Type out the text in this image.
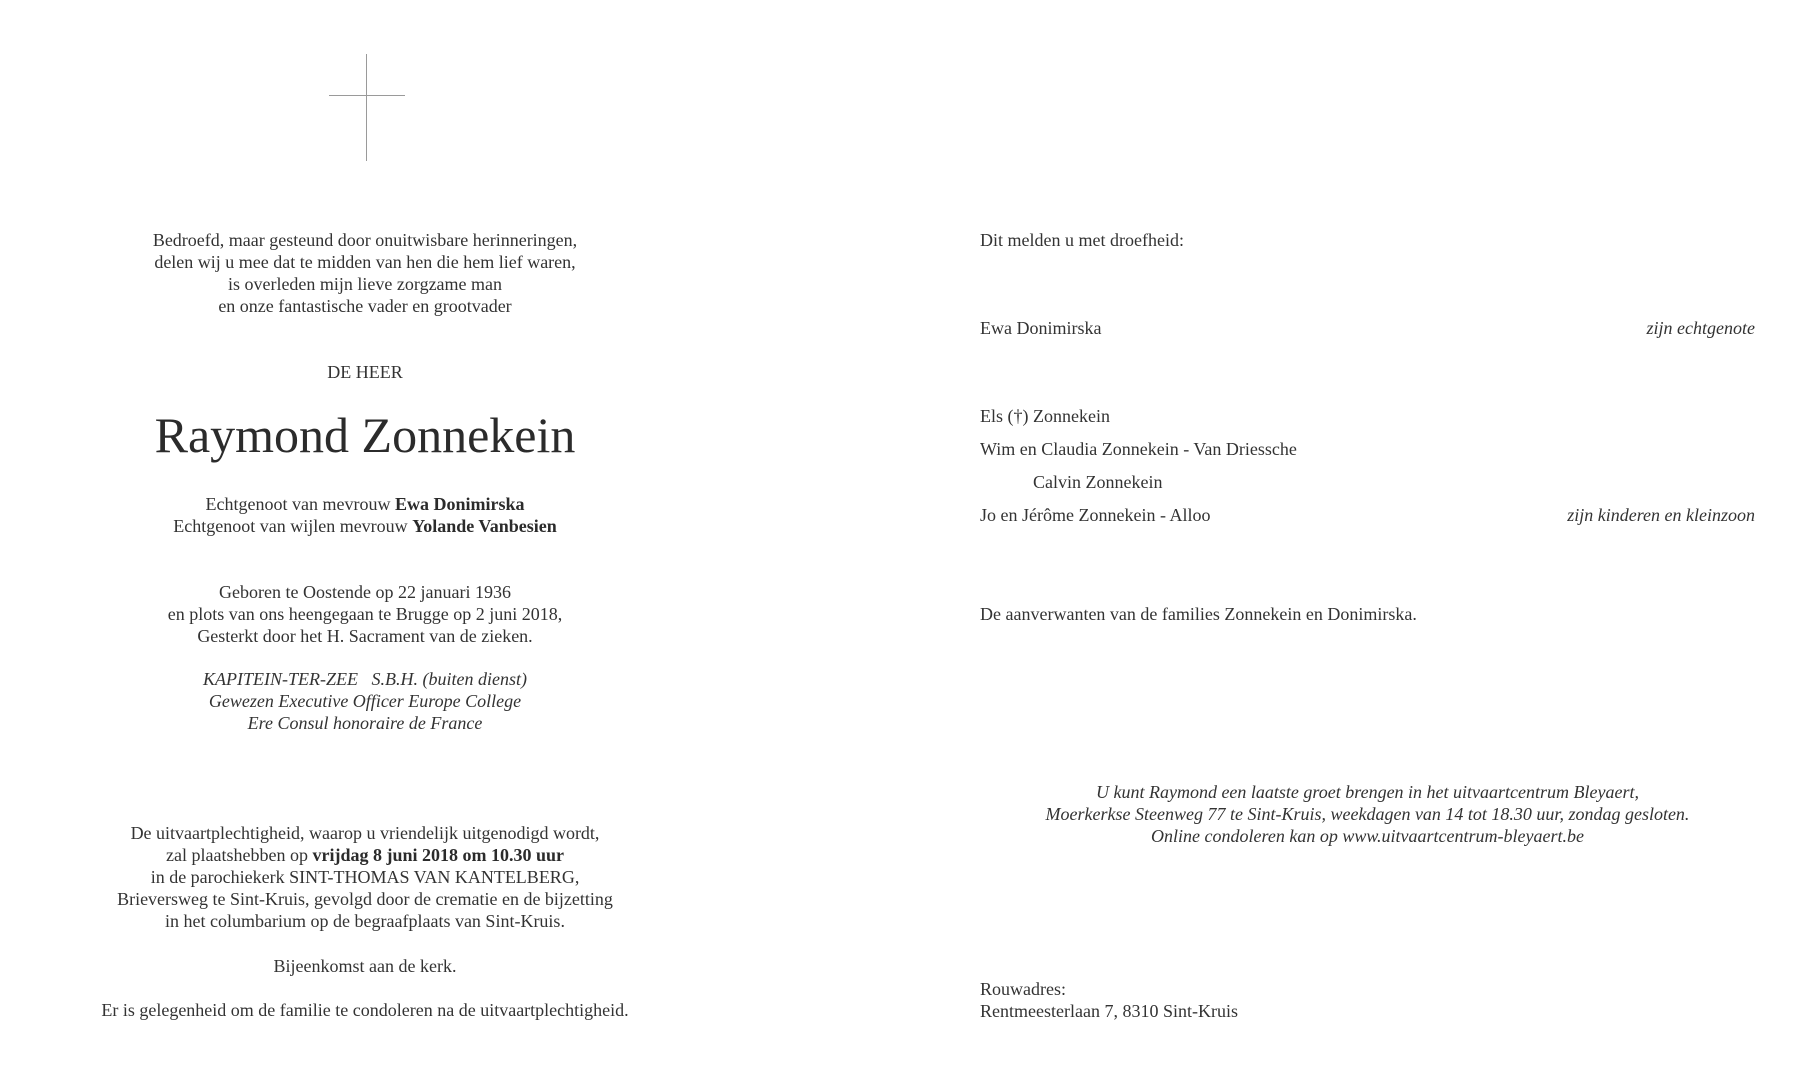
Bedroefd, maar gesteund door onuitwisbare herinneringen,
delen wij u mee dat te midden van hen die hem lief waren,
is overleden mijn lieve zorgzame man
en onze fantastische vader en grootvader
DE HEER
Raymond Zonnekein
Echtgenoot van mevrouw Ewa Donimirska
Echtgenoot van wijlen mevrouw Yolande Vanbesien
Geboren te Oostende op 22 januari 1936
en plots van ons heengegaan te Brugge op 2 juni 2018,
Gesterkt door het H. Sacrament van de zieken.
KAPITEIN-TER-ZEE   S.B.H. (buiten dienst)
Gewezen Executive Officer Europe College
Ere Consul honoraire de France
De uitvaartplechtigheid, waarop u vriendelijk uitgenodigd wordt,
zal plaatshebben op vrijdag 8 juni 2018 om 10.30 uur
in de parochiekerk SINT-THOMAS VAN KANTELBERG,
Brieversweg te Sint-Kruis, gevolgd door de crematie en de bijzetting
in het columbarium op de begraafplaats van Sint-Kruis.
Bijeenkomst aan de kerk.
Er is gelegenheid om de familie te condoleren na de uitvaartplechtigheid.
Dit melden u met droefheid:
Ewa Donimirska	zijn echtgenote
Els (†) Zonnekein
Wim en Claudia Zonnekein - Van Driessche
Calvin Zonnekein
Jo en Jérôme Zonnekein - Alloo	zijn kinderen en kleinzoon
De aanverwanten van de families Zonnekein en Donimirska.
U kunt Raymond een laatste groet brengen in het uitvaartcentrum Bleyaert,
Moerkerkse Steenweg 77 te Sint-Kruis, weekdagen van 14 tot 18.30 uur, zondag gesloten.
Online condoleren kan op www.uitvaartcentrum-bleyaert.be
Rouwadres:
Rentmeesterlaan 7, 8310 Sint-Kruis
